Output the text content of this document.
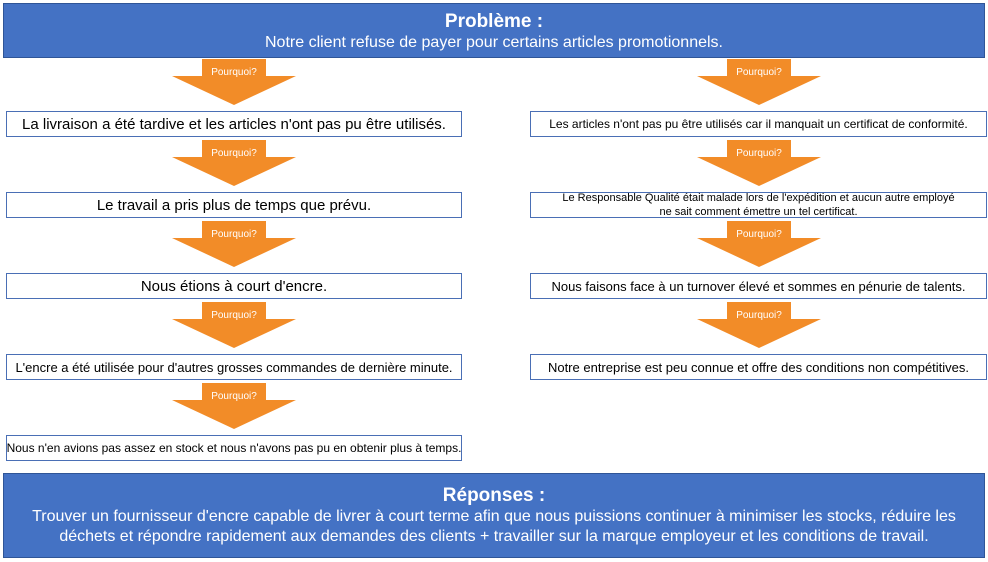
Problème :
Notre client refuse de payer pour certains articles promotionnels.
Pourquoi?
La livraison a été tardive et les articles n'ont pas pu être utilisés.
Pourquoi?
Le travail a pris plus de temps que prévu.
Pourquoi?
Nous étions à court d'encre.
Pourquoi?
L'encre a été utilisée pour d'autres grosses commandes de dernière minute.
Pourquoi?
Nous n'en avions pas assez en stock et nous n'avons pas pu en obtenir plus à temps.
Pourquoi?
Les articles n'ont pas pu être utilisés car il manquait un certificat de conformité.
Pourquoi?
Le Responsable Qualité était malade lors de l'expédition et aucun autre employé ne sait comment émettre un tel certificat.
Pourquoi?
Nous faisons face à un turnover élevé et sommes en pénurie de talents.
Pourquoi?
Notre entreprise est peu connue et offre des conditions non compétitives.
Réponses :
Trouver un fournisseur d'encre capable de livrer à court terme afin que nous puissions continuer à minimiser les stocks, réduire les déchets et répondre rapidement aux demandes des clients + travailler sur la marque employeur et les conditions de travail.
